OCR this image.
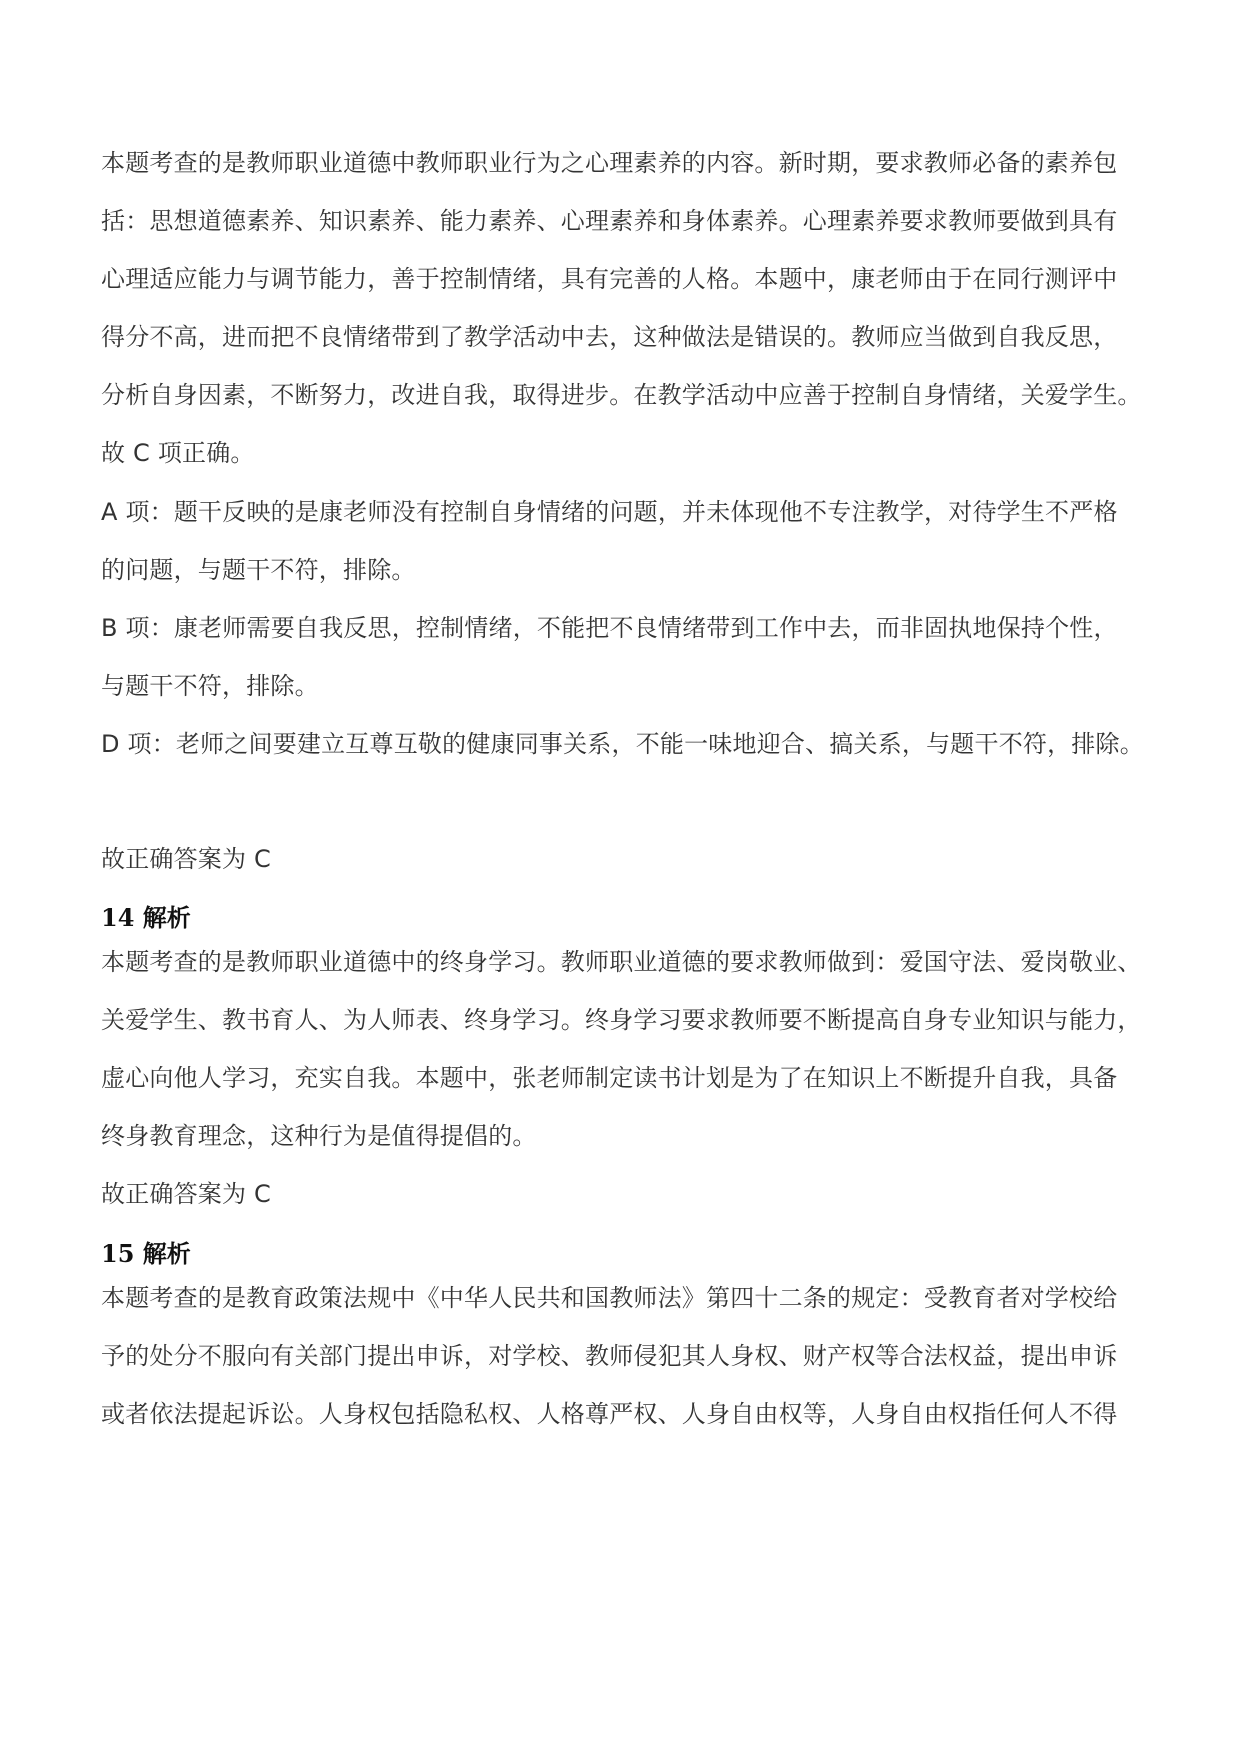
本题考查的是教师职业道德中教师职业行为之心理素养的内容。新时期，要求教师必备的素养包
括：思想道德素养、知识素养、能力素养、心理素养和身体素养。心理素养要求教师要做到具有
心理适应能力与调节能力，善于控制情绪，具有完善的人格。本题中，康老师由于在同行测评中
得分不高，进而把不良情绪带到了教学活动中去，这种做法是错误的。教师应当做到自我反思，
分析自身因素，不断努力，改进自我，取得进步。在教学活动中应善于控制自身情绪，关爱学生。
故 C 项正确。
A 项：题干反映的是康老师没有控制自身情绪的问题，并未体现他不专注教学，对待学生不严格
的问题，与题干不符，排除。
B 项：康老师需要自我反思，控制情绪，不能把不良情绪带到工作中去，而非固执地保持个性，
与题干不符，排除。
D 项：老师之间要建立互尊互敬的健康同事关系，不能一味地迎合、搞关系，与题干不符，排除。
故正确答案为 C
14 解析
本题考查的是教师职业道德中的终身学习。教师职业道德的要求教师做到：爱国守法、爱岗敬业、
关爱学生、教书育人、为人师表、终身学习。终身学习要求教师要不断提高自身专业知识与能力，
虚心向他人学习，充实自我。本题中，张老师制定读书计划是为了在知识上不断提升自我，具备
终身教育理念，这种行为是值得提倡的。
故正确答案为 C
15 解析
本题考查的是教育政策法规中《中华人民共和国教师法》第四十二条的规定：受教育者对学校给
予的处分不服向有关部门提出申诉，对学校、教师侵犯其人身权、财产权等合法权益，提出申诉
或者依法提起诉讼。人身权包括隐私权、人格尊严权、人身自由权等，人身自由权指任何人不得
